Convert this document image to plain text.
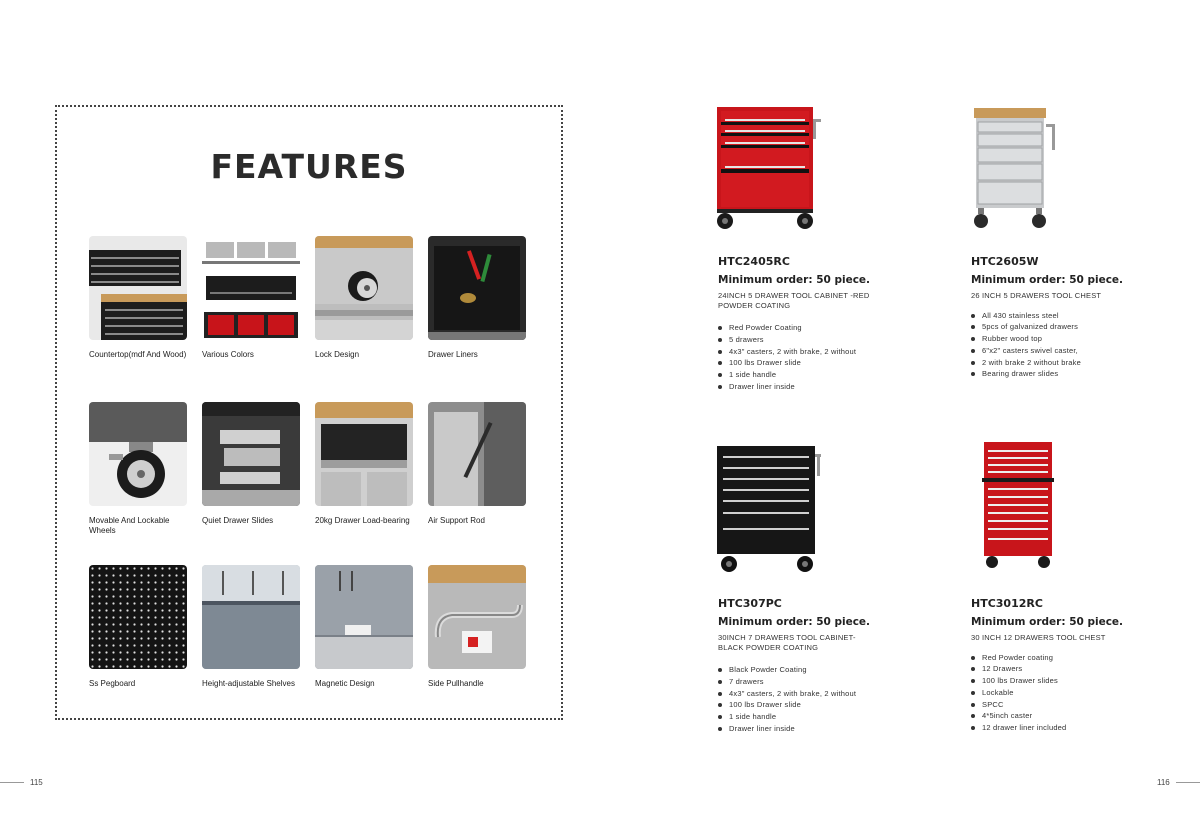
FEATURES
Countertop(mdf And Wood)	Various Colors	Lock Design	Drawer Liners
Movable And Lockable Wheels
Quiet Drawer Slides	20kg Drawer Load-bearing	Air Support Rod
Ss Pegboard	Height-adjustable Shelves	Magnetic Design	Side Pullhandle
HTC2405RC
Minimum order: 50 piece.
24INCH 5 DRAWER TOOL CABINET -RED POWDER COATING
Red Powder Coating
5 drawers
4x3" casters, 2 with brake, 2 without
100 lbs Drawer slide
1 side handle
Drawer liner inside
HTC2605W
Minimum order: 50 piece.
26 INCH 5 DRAWERS TOOL CHEST
All 430 stainless steel
5pcs of galvanized drawers
Rubber wood top
6"x2" casters swivel caster,
2 with brake 2 without brake
Bearing drawer slides
HTC307PC
Minimum order: 50 piece.
30INCH 7 DRAWERS TOOL CABINET-BLACK POWDER COATING
Black Powder Coating
7 drawers
4x3" casters, 2 with brake, 2 without
100 lbs Drawer slide
1 side handle
Drawer liner inside
HTC3012RC
Minimum order: 50 piece.
30 INCH 12 DRAWERS TOOL CHEST
Red Powder coating
12 Drawers
100 lbs Drawer slides
Lockable
SPCC
4*5inch caster
12 drawer liner included
115	116
